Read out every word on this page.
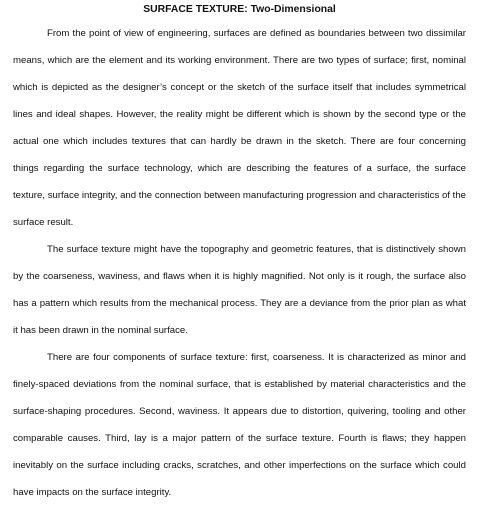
SURFACE TEXTURE: Two-Dimensional

From the point of view of engineering, surfaces are defined as boundaries between two dissimilar means, which are the element and its working environment. There are two types of surface; first, nominal which is depicted as the designer’s concept or the sketch of the surface itself that includes symmetrical lines and ideal shapes. However, the reality might be different which is shown by the second type or the actual one which includes textures that can hardly be drawn in the sketch. There are four concerning things regarding the surface technology, which are describing the features of a surface, the surface texture, surface integrity, and the connection between manufacturing progression and characteristics of the surface result.

The surface texture might have the topography and geometric features, that is distinctively shown by the coarseness, waviness, and flaws when it is highly magnified. Not only is it rough, the surface also has a pattern which results from the mechanical process. They are a deviance from the prior plan as what it has been drawn in the nominal surface.

There are four components of surface texture: first, coarseness. It is characterized as minor and finely-spaced deviations from the nominal surface, that is established by material characteristics and the surface-shaping procedures. Second, waviness. It appears due to distortion, quivering, tooling and other comparable causes. Third, lay is a major pattern of the surface texture. Fourth is flaws; they happen inevitably on the surface including cracks, scratches, and other imperfections on the surface which could have impacts on the surface integrity.
